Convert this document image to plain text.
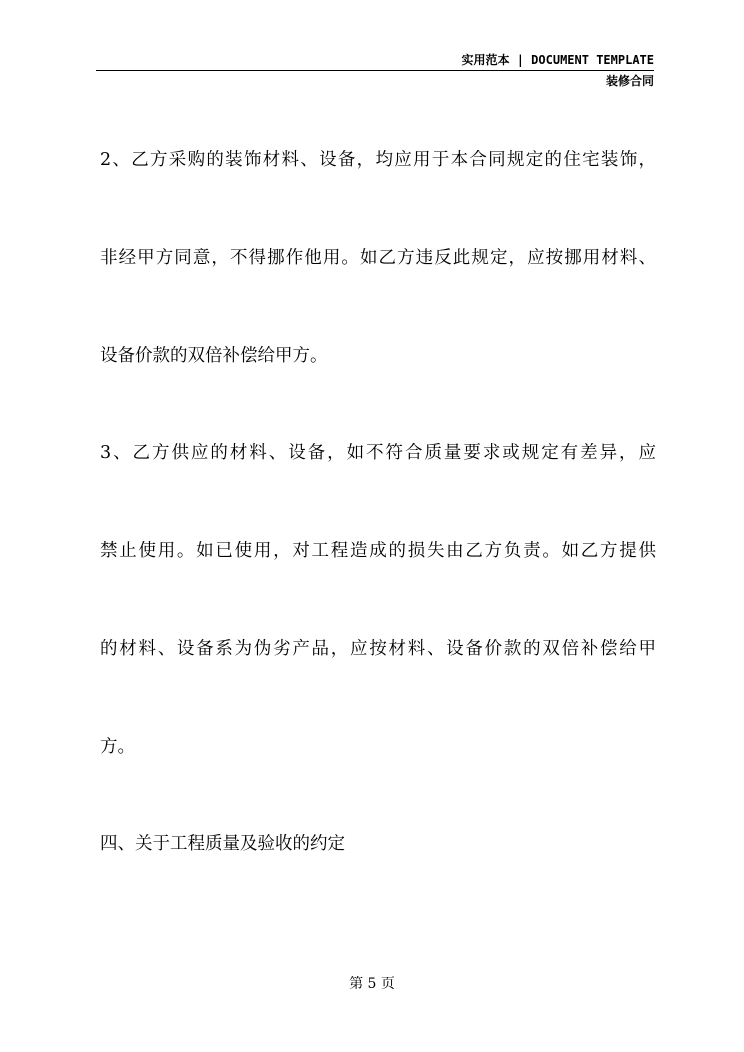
实用范本 | DOCUMENT TEMPLATE
装修合同
2、乙方采购的装饰材料、设备，均应用于本合同规定的住宅装饰，
非经甲方同意，不得挪作他用。如乙方违反此规定，应按挪用材料、
设备价款的双倍补偿给甲方。
3、乙方供应的材料、设备，如不符合质量要求或规定有差异，应
禁止使用。如已使用，对工程造成的损失由乙方负责。如乙方提供
的材料、设备系为伪劣产品，应按材料、设备价款的双倍补偿给甲
方。
四、关于工程质量及验收的约定
第 5 页
